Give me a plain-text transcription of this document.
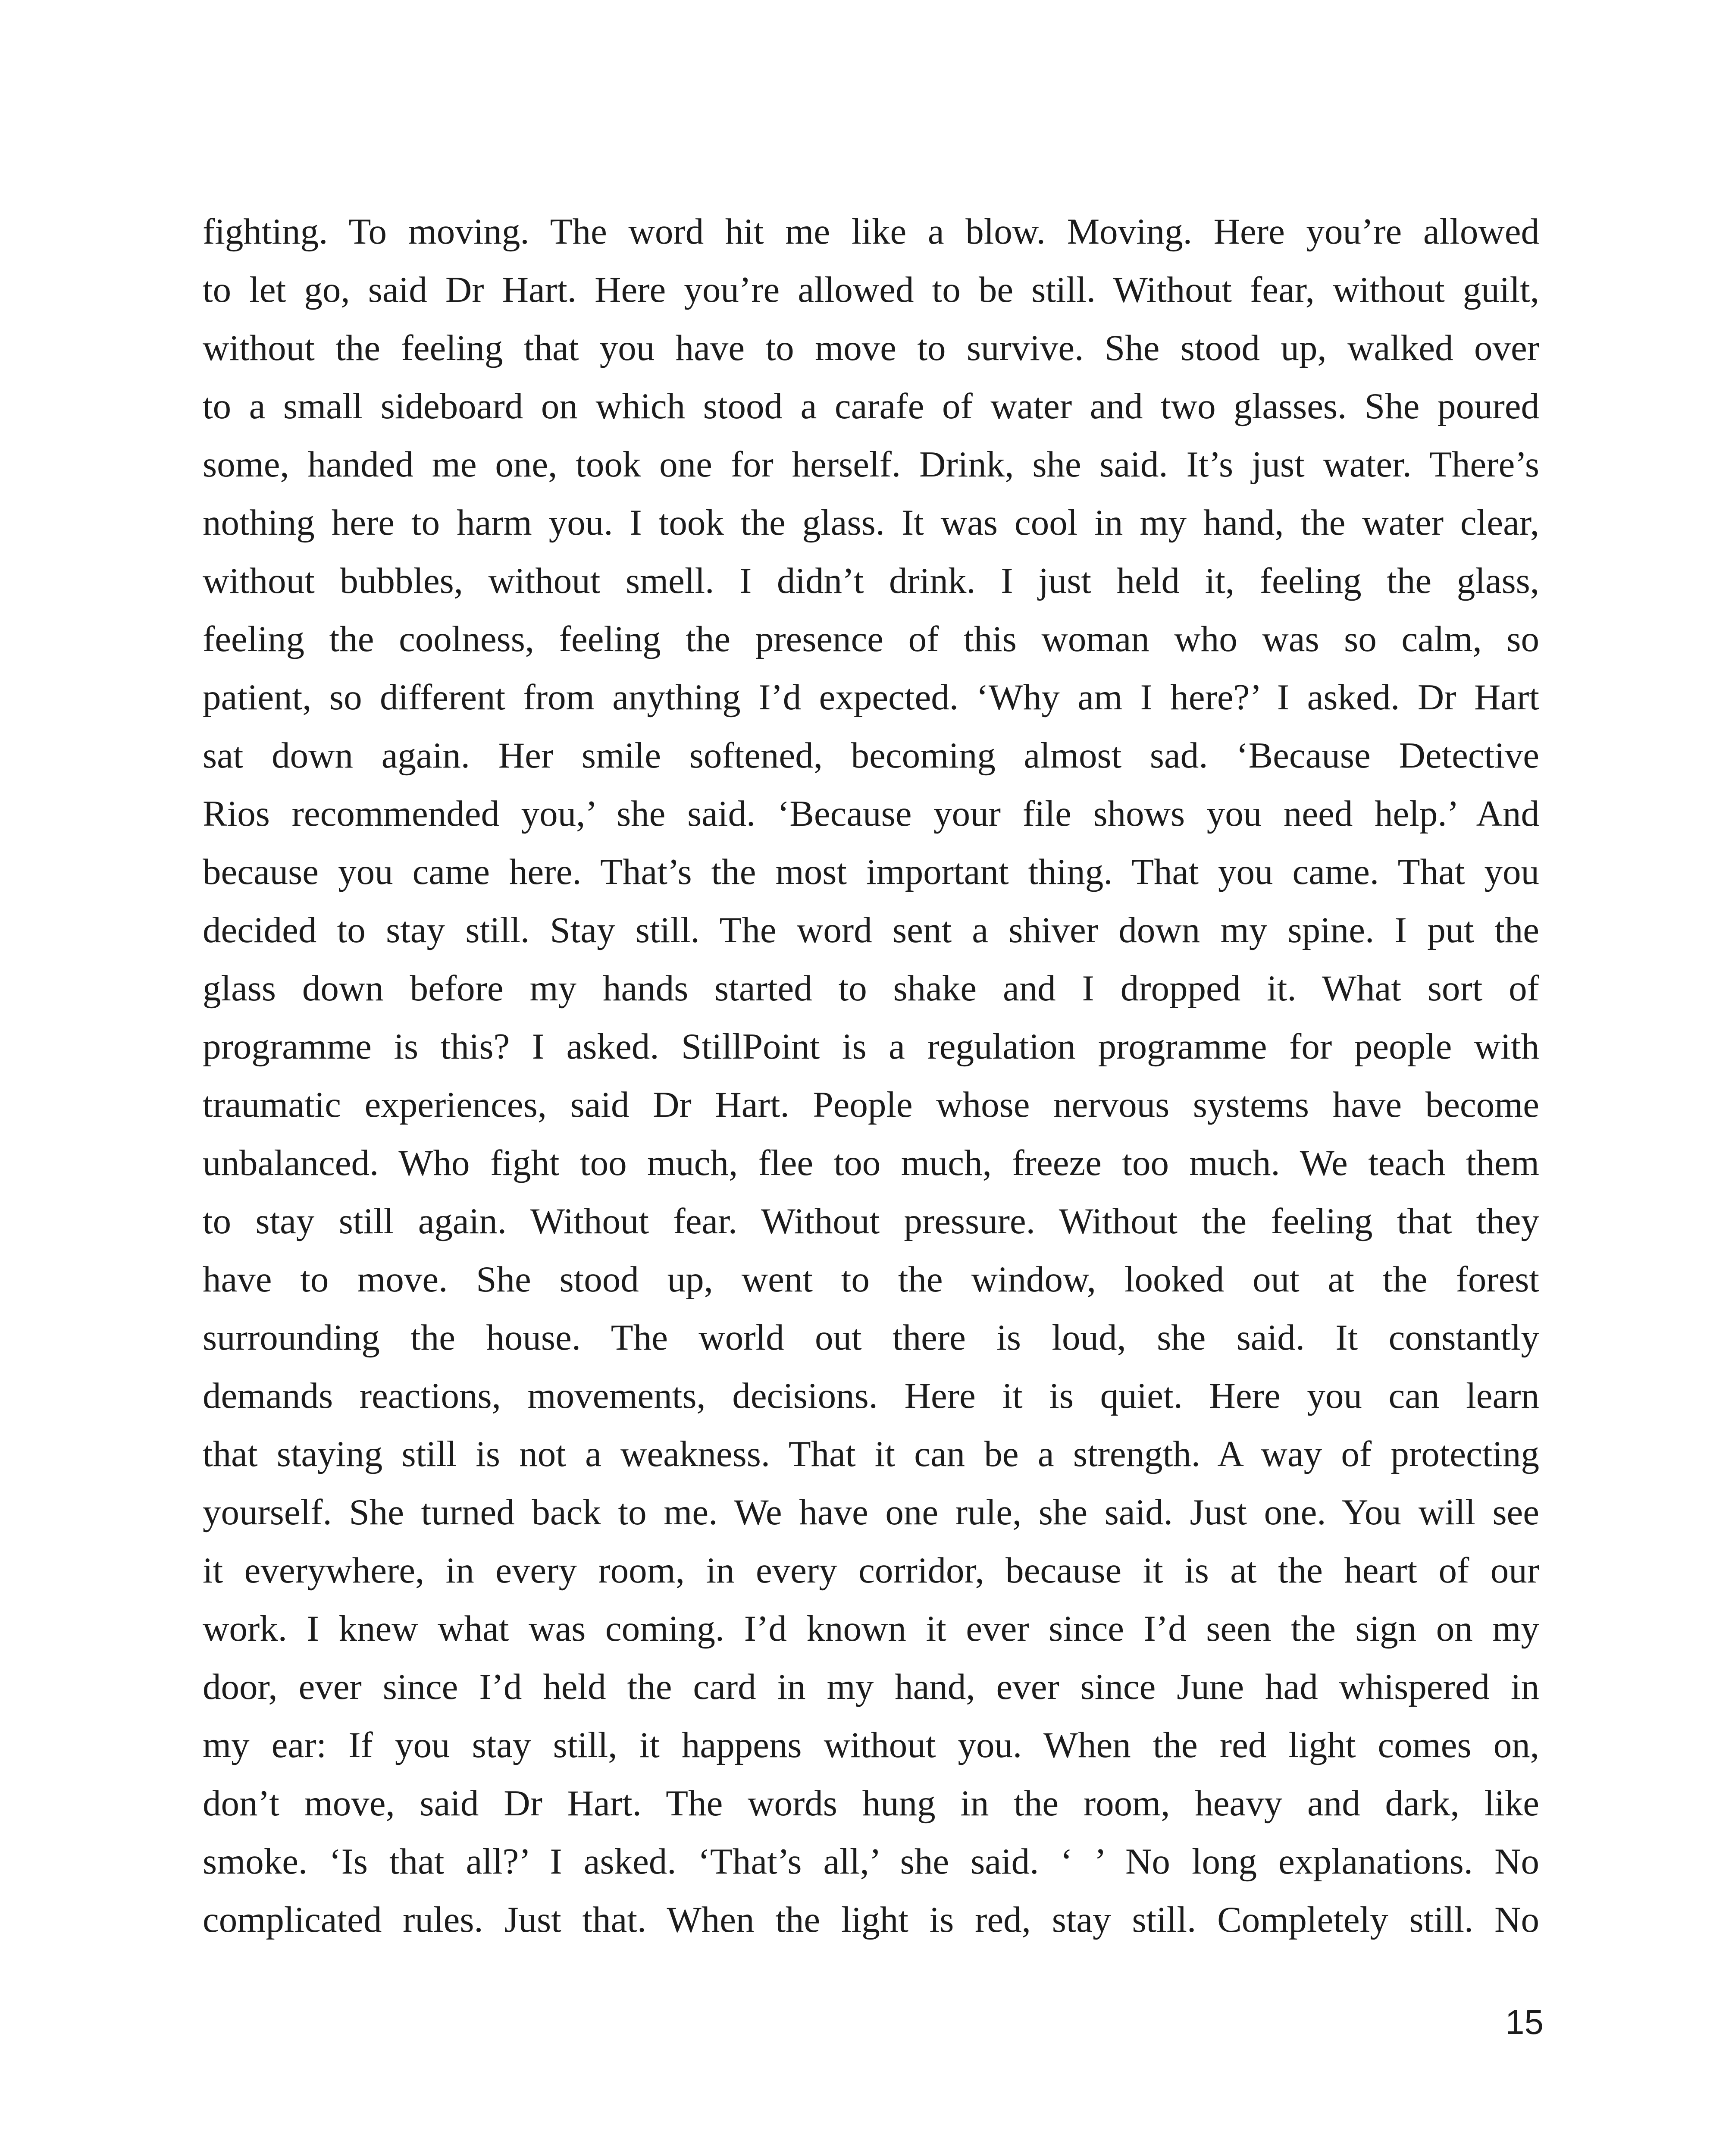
fighting. To moving. The word hit me like a blow. Moving. Here you’re allowed
to let go, said Dr Hart. Here you’re allowed to be still. Without fear, without guilt,
without the feeling that you have to move to survive. She stood up, walked over
to a small sideboard on which stood a carafe of water and two glasses. She poured
some, handed me one, took one for herself. Drink, she said. It’s just water. There’s
nothing here to harm you. I took the glass. It was cool in my hand, the water clear,
without bubbles, without smell. I didn’t drink. I just held it, feeling the glass,
feeling the coolness, feeling the presence of this woman who was so calm, so
patient, so different from anything I’d expected. ‘Why am I here?’ I asked. Dr Hart
sat down again. Her smile softened, becoming almost sad. ‘Because Detective
Rios recommended you,’ she said. ‘Because your file shows you need help.’ And
because you came here. That’s the most important thing. That you came. That you
decided to stay still. Stay still. The word sent a shiver down my spine. I put the
glass down before my hands started to shake and I dropped it. What sort of
programme is this? I asked. StillPoint is a regulation programme for people with
traumatic experiences, said Dr Hart. People whose nervous systems have become
unbalanced. Who fight too much, flee too much, freeze too much. We teach them
to stay still again. Without fear. Without pressure. Without the feeling that they
have to move. She stood up, went to the window, looked out at the forest
surrounding the house. The world out there is loud, she said. It constantly
demands reactions, movements, decisions. Here it is quiet. Here you can learn
that staying still is not a weakness. That it can be a strength. A way of protecting
yourself. She turned back to me. We have one rule, she said. Just one. You will see
it everywhere, in every room, in every corridor, because it is at the heart of our
work. I knew what was coming. I’d known it ever since I’d seen the sign on my
door, ever since I’d held the card in my hand, ever since June had whispered in
my ear: If you stay still, it happens without you. When the red light comes on,
don’t move, said Dr Hart. The words hung in the room, heavy and dark, like
smoke. ‘Is that all?’ I asked. ‘That’s all,’ she said. ‘ ’ No long explanations. No
complicated rules. Just that. When the light is red, stay still. Completely still. No
15
